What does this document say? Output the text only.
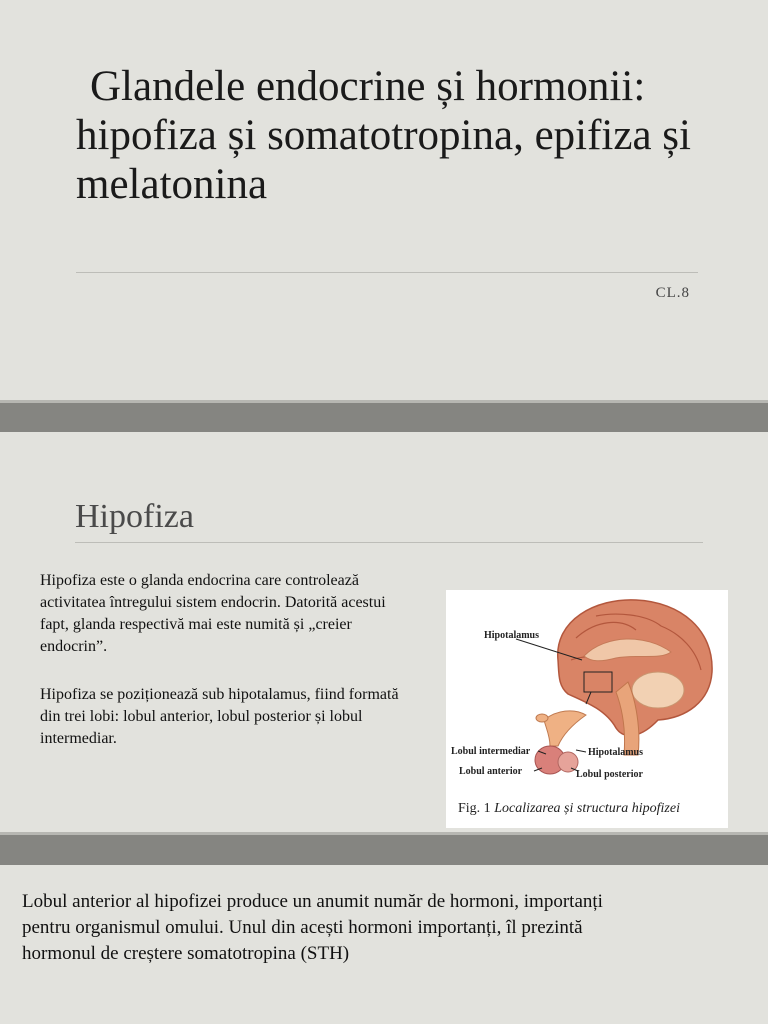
Glandele endocrine și hormonii: hipofiza și somatotropina, epifiza și melatonina
CL.8
Hipofiza

Hipofiza este o glanda endocrina care controlează activitatea întregului sistem endocrin. Datorită acestui fapt, glanda respectivă mai este numită și „creier endocrin”.

Hipofiza se poziționează sub hipotalamus, fiind formată din trei lobi: lobul anterior, lobul posterior și lobul intermediar.

Hipotalamus
Lobul intermediar	Hipotalamus
Lobul anterior	Lobul posterior
Fig. 1 Localizarea și structura hipofizei

Lobul anterior al hipofizei produce un anumit număr de hormoni, importanți pentru organismul omului. Unul din acești hormoni importanți, îl prezintă hormonul de creștere somatotropina (STH)
